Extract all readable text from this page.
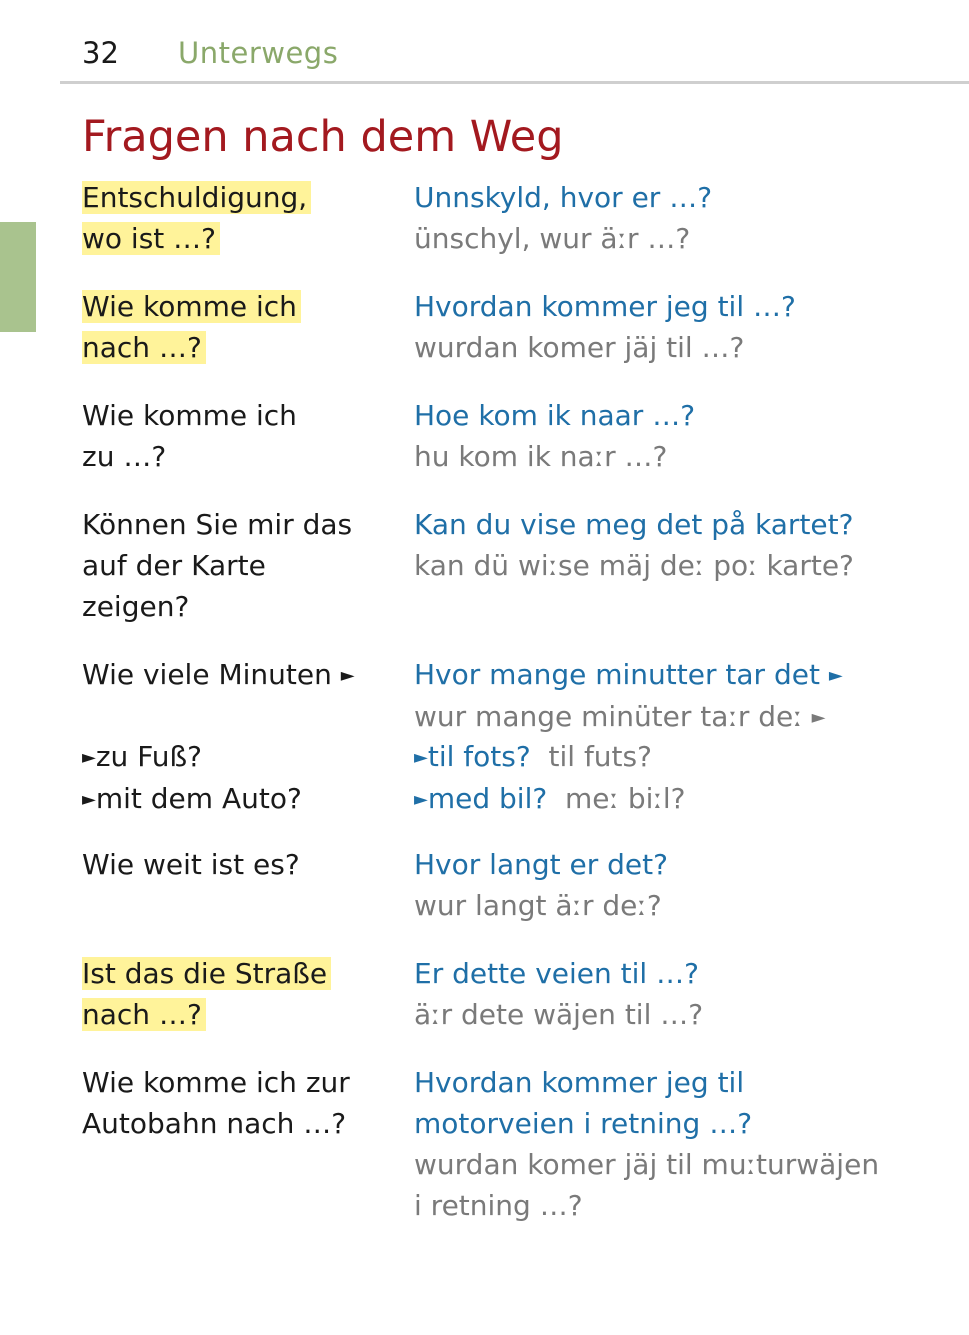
32 Unterwegs
Fragen nach dem Weg
Entschuldigung,
wo ist …?
Unnskyld, hvor er …?
ünschyl, wur äːr …?
Wie komme ich
nach …?
Hvordan kommer jeg til …?
wurdan komer jäj til …?
Wie komme ich
zu …?
Hoe kom ik naar …?
hu kom ik naːr …?
Können Sie mir das
auf der Karte
zeigen?
Kan du vise meg det på kartet?
kan dü wiːse mäj deː poː karte?
Wie viele Minuten ► Hvor mange minutter tar det ►
wur mange minüter taːr deː ►
►zu Fuß?
►mit dem Auto?
►til fots? til futs?
►med bil? meː biːl?
Wie weit ist es?	Hvor langt er det?
wur langt äːr deː?
Ist das die Straße
nach …?
Er dette veien til …?
äːr dete wäjen til …?
Wie komme ich zur
Autobahn nach …?
Hvordan kommer jeg til
motorveien i retning …?
wurdan komer jäj til muːturwäjen
i retning …?
